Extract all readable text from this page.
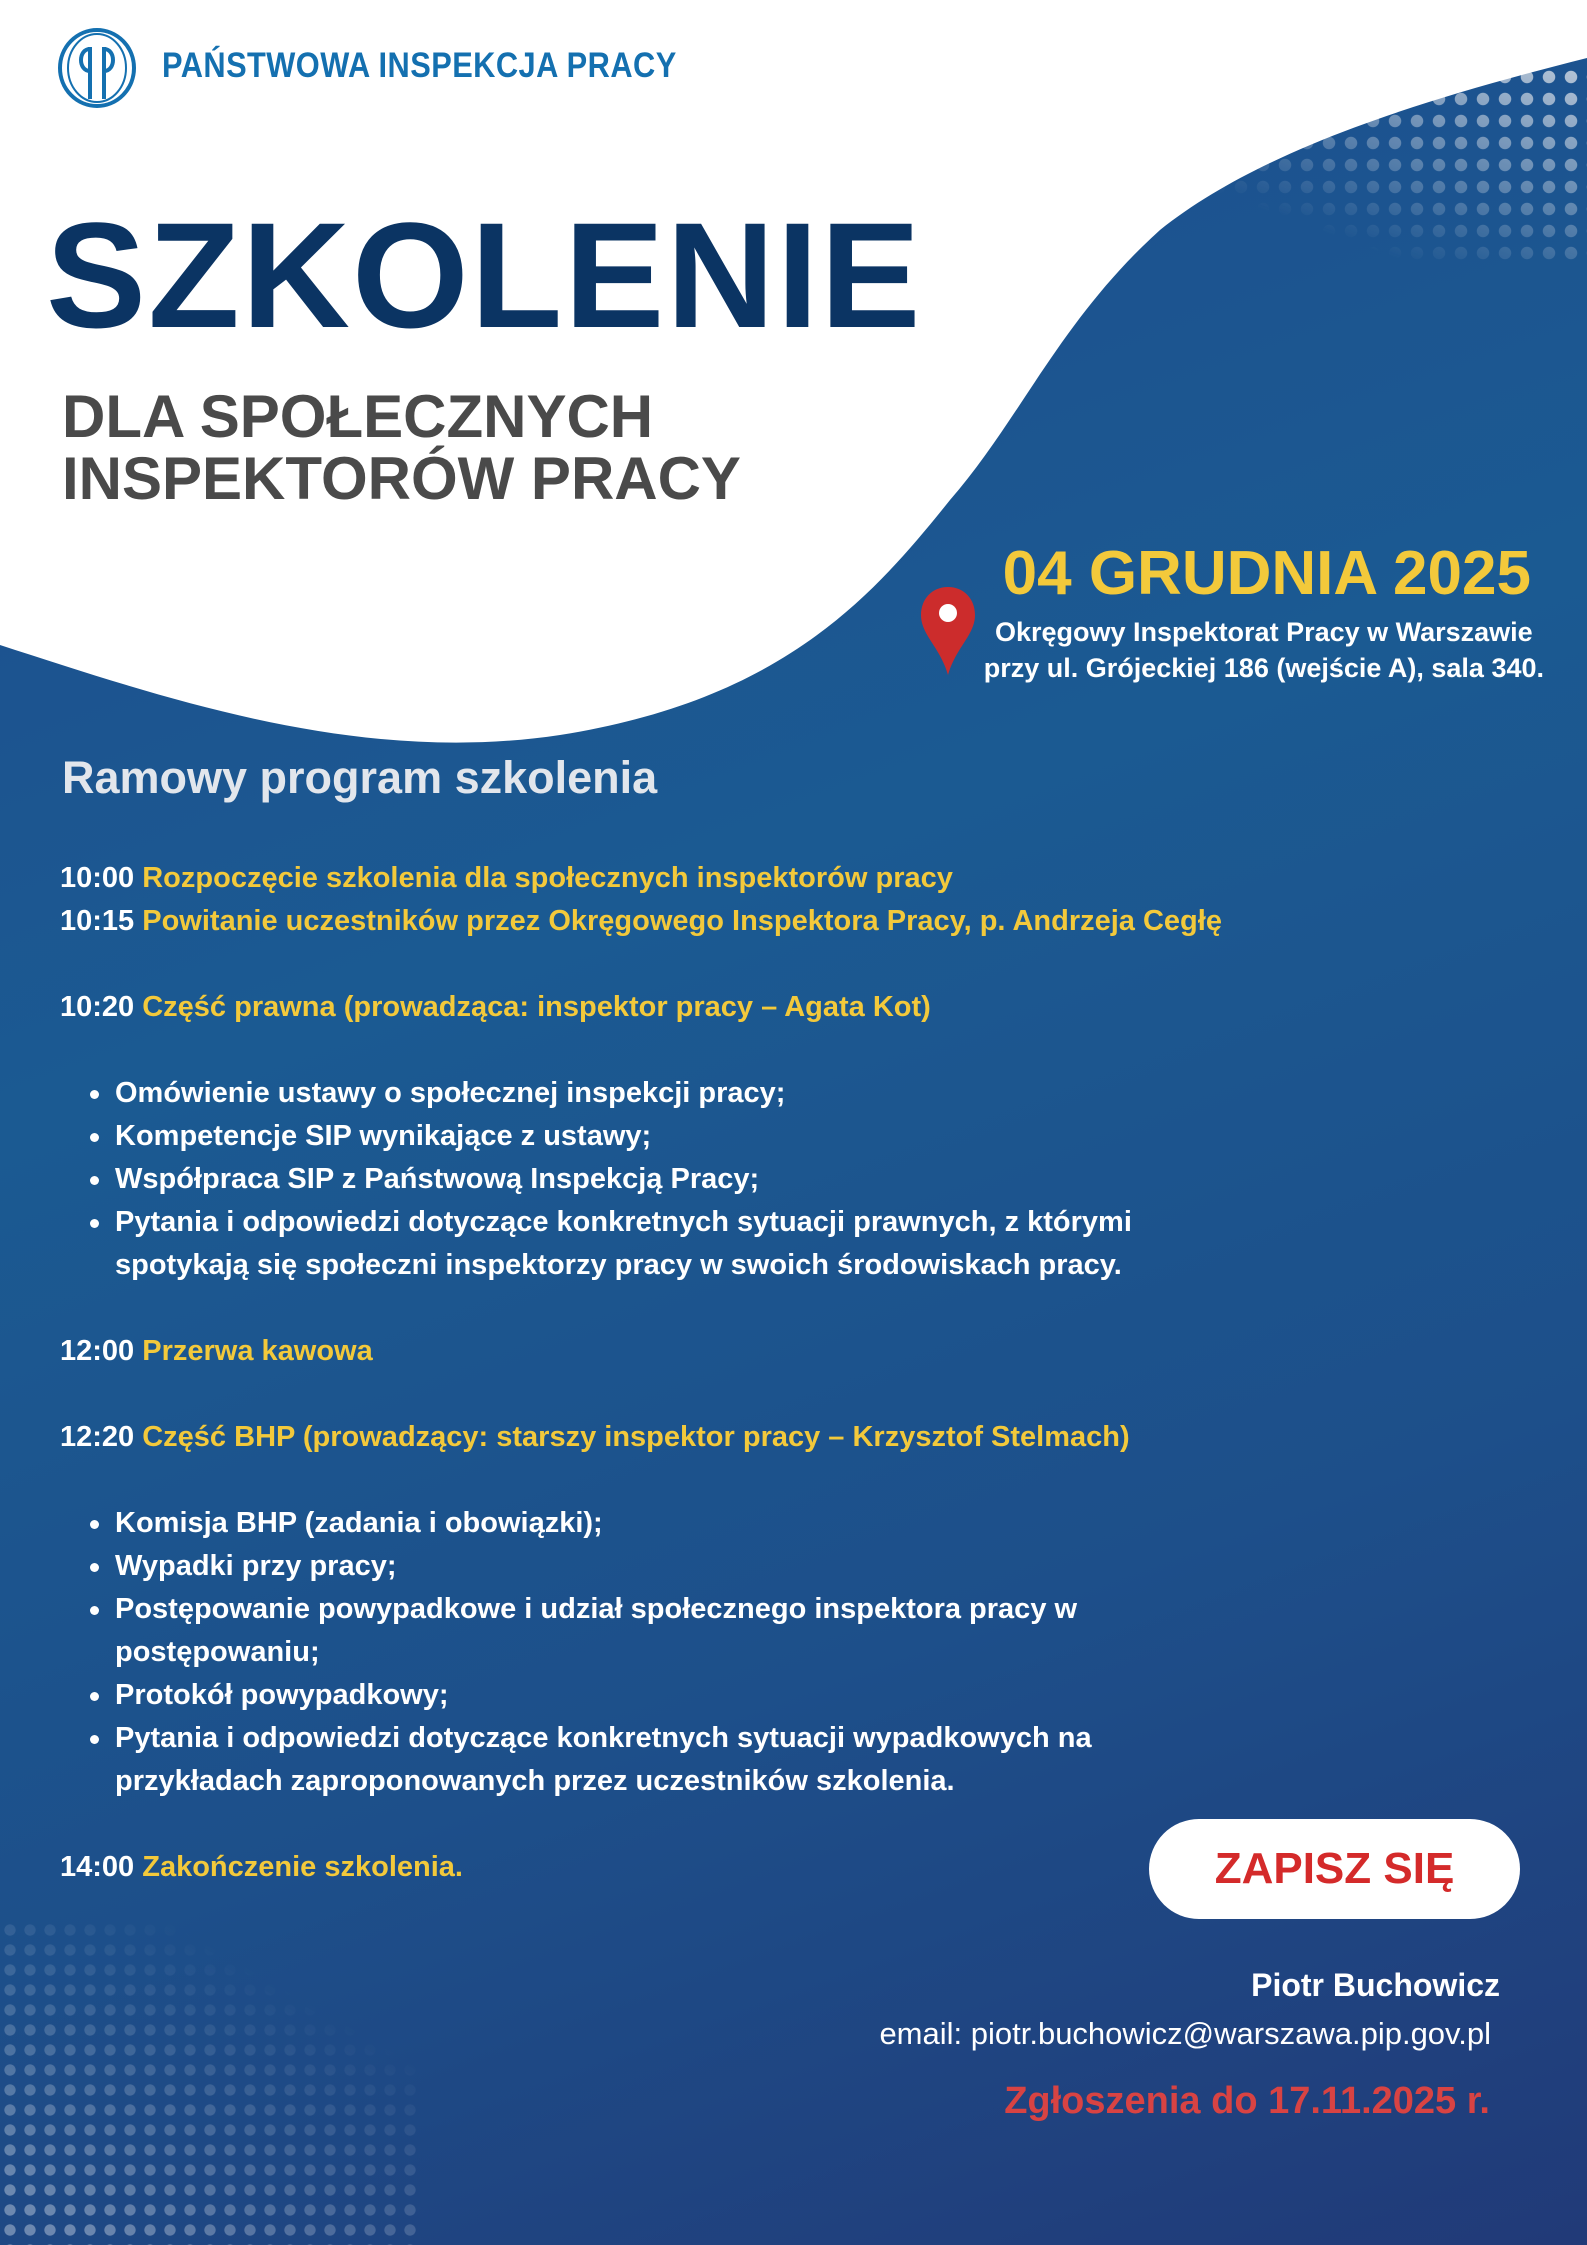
PAŃSTWOWA INSPEKCJA PRACY
SZKOLENIE
DLA SPOŁECZNYCH
INSPEKTORÓW PRACY
04 GRUDNIA 2025
Okręgowy Inspektorat Pracy w Warszawie
przy ul. Grójeckiej 186 (wejście A), sala 340.
Ramowy program szkolenia
10:00 Rozpoczęcie szkolenia dla społecznych inspektorów pracy
10:15 Powitanie uczestników przez Okręgowego Inspektora Pracy, p. Andrzeja Cegłę
10:20 Część prawna (prowadząca: inspektor pracy – Agata Kot)
Omówienie ustawy o społecznej inspekcji pracy;
Kompetencje SIP wynikające z ustawy;
Współpraca SIP z Państwową Inspekcją Pracy;
Pytania i odpowiedzi dotyczące konkretnych sytuacji prawnych, z którymi
spotykają się społeczni inspektorzy pracy w swoich środowiskach pracy.
12:00 Przerwa kawowa
12:20 Część BHP (prowadzący: starszy inspektor pracy – Krzysztof Stelmach)
Komisja BHP (zadania i obowiązki);
Wypadki przy pracy;
Postępowanie powypadkowe i udział społecznego inspektora pracy w
postępowaniu;
Protokół powypadkowy;
Pytania i odpowiedzi dotyczące konkretnych sytuacji wypadkowych na
przykładach zaproponowanych przez uczestników szkolenia.
14:00 Zakończenie szkolenia.	ZAPISZ SIĘ
Piotr Buchowicz
email: piotr.buchowicz@warszawa.pip.gov.pl
Zgłoszenia do 17.11.2025 r.
